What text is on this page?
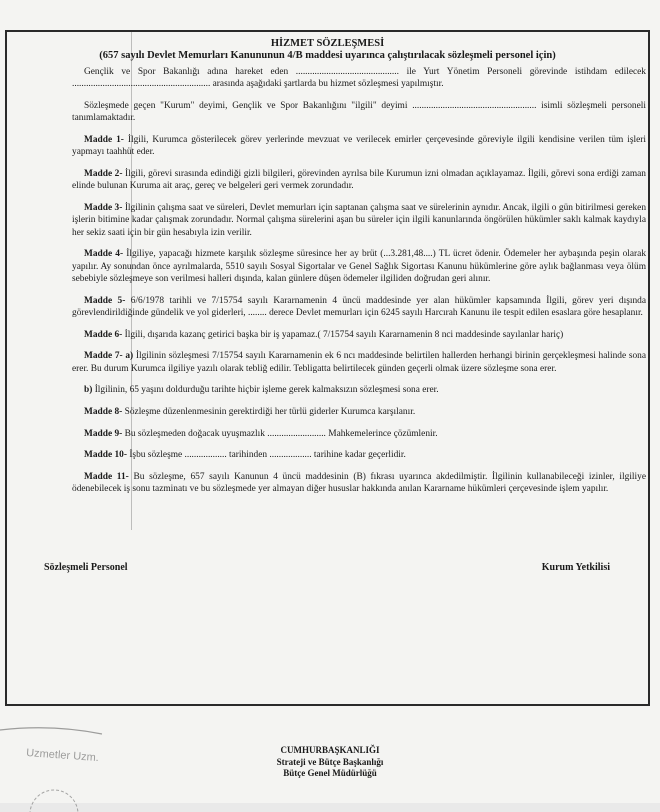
HİZMET SÖZLEŞMESİ
(657 sayılı Devlet Memurları Kanununun 4/B maddesi uyarınca çalıştırılacak sözleşmeli personel için)

Gençlik ve Spor Bakanlığı adına hareket eden ............................................ ile Yurt Yönetim Personeli görevinde istihdam edilecek ........................................................... arasında aşağıdaki şartlarda bu hizmet sözleşmesi yapılmıştır.

Sözleşmede geçen "Kurum" deyimi, Gençlik ve Spor Bakanlığını "ilgili" deyimi ..................................................... isimli sözleşmeli personeli tanımlamaktadır.

Madde 1- İlgili, Kurumca gösterilecek görev yerlerinde mevzuat ve verilecek emirler çerçevesinde göreviyle ilgili kendisine verilen tüm işleri yapmayı taahhüt eder.

Madde 2- İlgili, görevi sırasında edindiği gizli bilgileri, görevinden ayrılsa bile Kurumun izni olmadan açıklayamaz. İlgili, görevi sona erdiği zaman elinde bulunan Kuruma ait araç, gereç ve belgeleri geri vermek zorundadır.

Madde 3- İlgilinin çalışma saat ve süreleri, Devlet memurları için saptanan çalışma saat ve sürelerinin aynıdır. Ancak, ilgili o gün bitirilmesi gereken işlerin bitimine kadar çalışmak zorundadır. Normal çalışma sürelerini aşan bu süreler için ilgili kanunlarında öngörülen hükümler saklı kalmak kaydıyla her sekiz saati için bir gün hesabıyla izin verilir.

Madde 4- İlgiliye, yapacağı hizmete karşılık sözleşme süresince her ay brüt (...3.281,48....) TL ücret ödenir. Ödemeler her aybaşında peşin olarak yapılır. Ay sonundan önce ayrılmalarda, 5510 sayılı Sosyal Sigortalar ve Genel Sağlık Sigortası Kanunu hükümlerine göre aylık bağlanması veya ölüm sebebiyle sözleşmeye son verilmesi halleri dışında, kalan günlere düşen ödemeler ilgiliden doğrudan geri alınır.

Madde 5- 6/6/1978 tarihli ve 7/15754 sayılı Kararnamenin 4 üncü maddesinde yer alan hükümler kapsamında İlgili, görev yeri dışında görevlendirildiğinde gündelik ve yol giderleri, ........ derece Devlet memurları için 6245 sayılı Harcırah Kanunu ile tespit edilen esaslara göre hesaplanır.

Madde 6- İlgili, dışarıda kazanç getirici başka bir iş yapamaz.( 7/15754 sayılı Kararnamenin 8 nci maddesinde sayılanlar hariç)

Madde 7- a) İlgilinin sözleşmesi 7/15754 sayılı Kararnamenin ek 6 ncı maddesinde belirtilen hallerden herhangi birinin gerçekleşmesi halinde sona erer. Bu durum Kurumca ilgiliye yazılı olarak tebliğ edilir. Tebligatta belirtilecek günden geçerli olmak üzere sözleşme sona erer.

b) İlgilinin, 65 yaşını doldurduğu tarihte hiçbir işleme gerek kalmaksızın sözleşmesi sona erer.

Madde 8- Sözleşme düzenlenmesinin gerektirdiği her türlü giderler Kurumca karşılanır.

Madde 9- Bu sözleşmeden doğacak uyuşmazlık ......................... Mahkemelerince çözümlenir.

Madde 10- İşbu sözleşme .................. tarihinden .................. tarihine kadar geçerlidir.

Madde 11- Bu sözleşme, 657 sayılı Kanunun 4 üncü maddesinin (B) fıkrası uyarınca akdedilmiştir. İlgilinin kullanabileceği izinler, ilgiliye ödenebilecek iş sonu tazminatı ve bu sözleşmede yer almayan diğer hususlar hakkında anılan Kararname hükümleri çerçevesinde işlem yapılır.

Sözleşmeli Personel	Kurum Yetkilisi
Uzmetler Uzm.	CUMHURBAŞKANLIĞI
Strateji ve Bütçe Başkanlığı
Bütçe Genel Müdürlüğü
